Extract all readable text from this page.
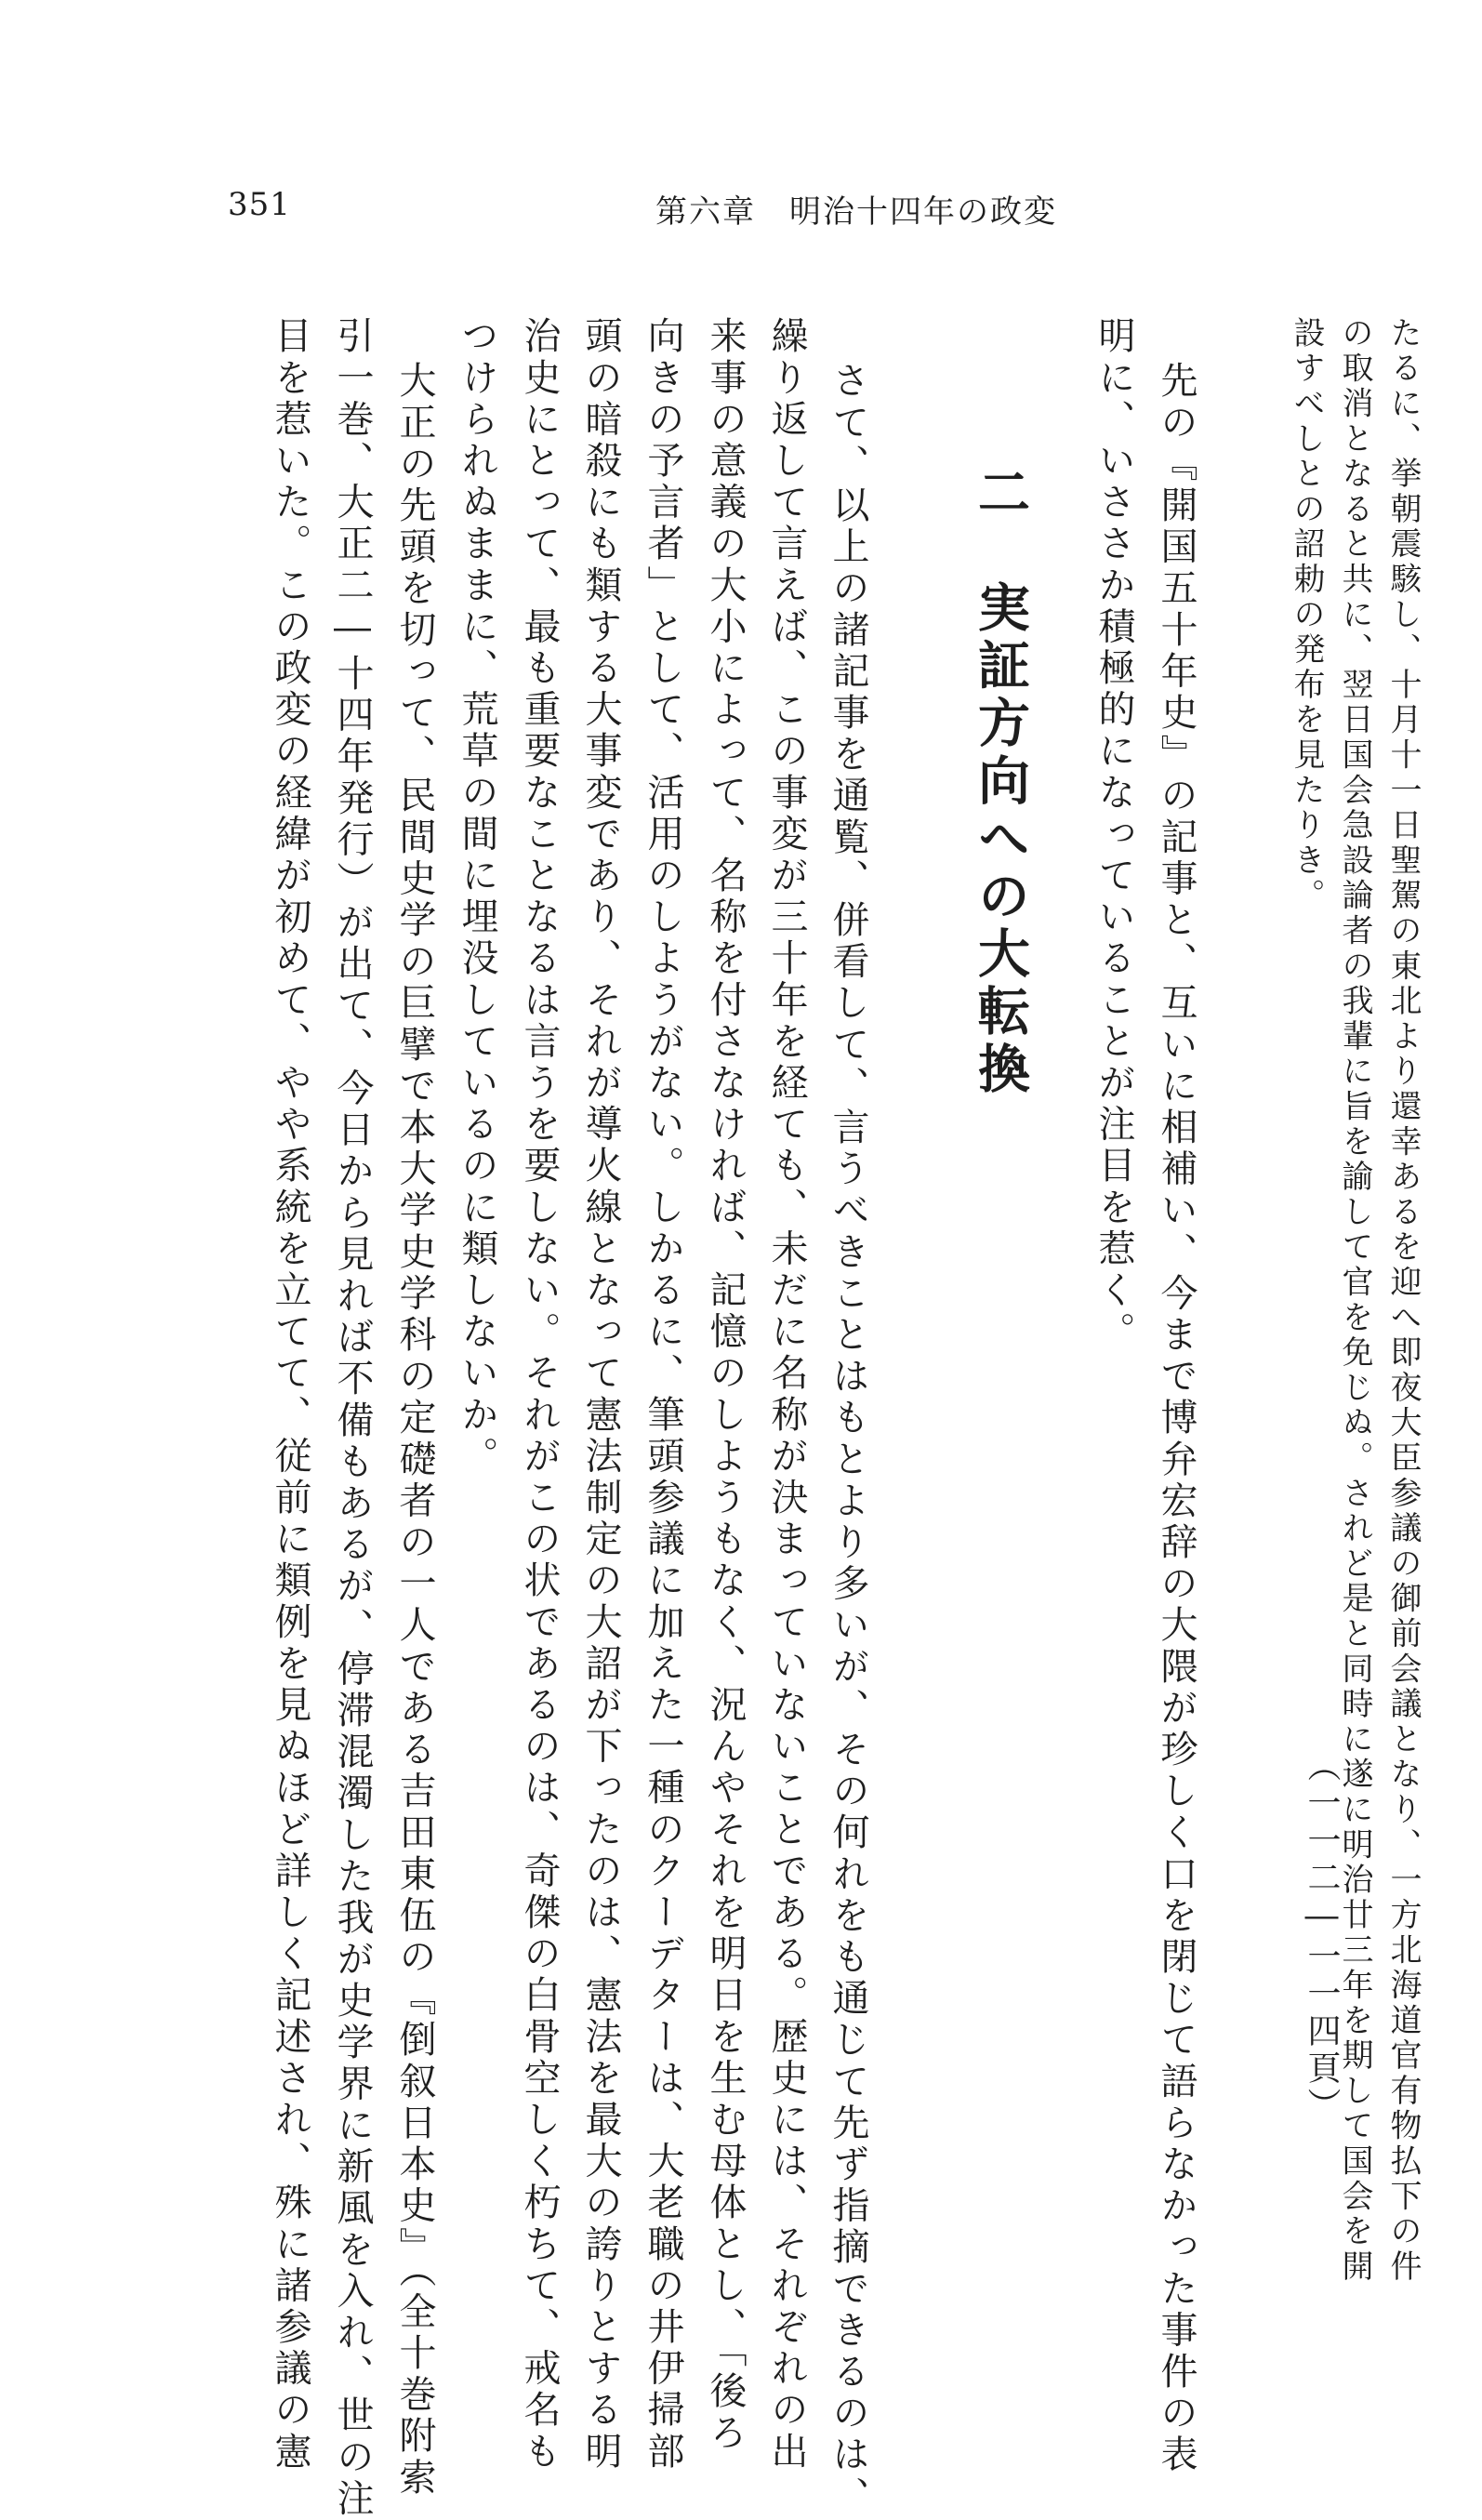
351	第六章　明治十四年の政変
たるに、挙朝震駭し、十月十一日聖駕の東北より還幸あるを迎へ即夜大臣参議の御前会議となり、一方北海道官有物払下の件
の取消となると共に、翌日国会急設論者の我輩に旨を諭して官を免じぬ。されど是と同時に遂に明治廿三年を期して国会を開
設すべしとの詔勅の発布を見たりき。
（一一二―一一四頁）
先の『開国五十年史』の記事と、互いに相補い、今まで博弁宏辞の大隈が珍しく口を閉じて語らなかった事件の表
明に、いささか積極的になっていることが注目を惹く。
二　実証方向への大転換
さて、以上の諸記事を通覧、併看して、言うべきことはもとより多いが、その何れをも通じて先ず指摘できるのは、
繰り返して言えば、この事変が三十年を経ても、未だに名称が決まっていないことである。歴史には、それぞれの出
来事の意義の大小によって、名称を付さなければ、記憶のしようもなく、況んやそれを明日を生む母体とし、「後ろ
向きの予言者」として、活用のしようがない。しかるに、筆頭参議に加えた一種のクーデターは、大老職の井伊掃部
頭の暗殺にも類する大事変であり、それが導火線となって憲法制定の大詔が下ったのは、憲法を最大の誇りとする明
治史にとって、最も重要なことなるは言うを要しない。それがこの状であるのは、奇傑の白骨空しく朽ちて、戒名も
つけられぬままに、荒草の間に埋没しているのに類しないか。
大正の先頭を切って、民間史学の巨擘で本大学史学科の定礎者の一人である吉田東伍の『倒叙日本史』（全十巻附索
引一巻、大正二―十四年発行）が出て、今日から見れば不備もあるが、停滞混濁した我が史学界に新風を入れ、世の注
目を惹いた。この政変の経緯が初めて、やや系統を立てて、従前に類例を見ぬほど詳しく記述され、殊に諸参議の憲
